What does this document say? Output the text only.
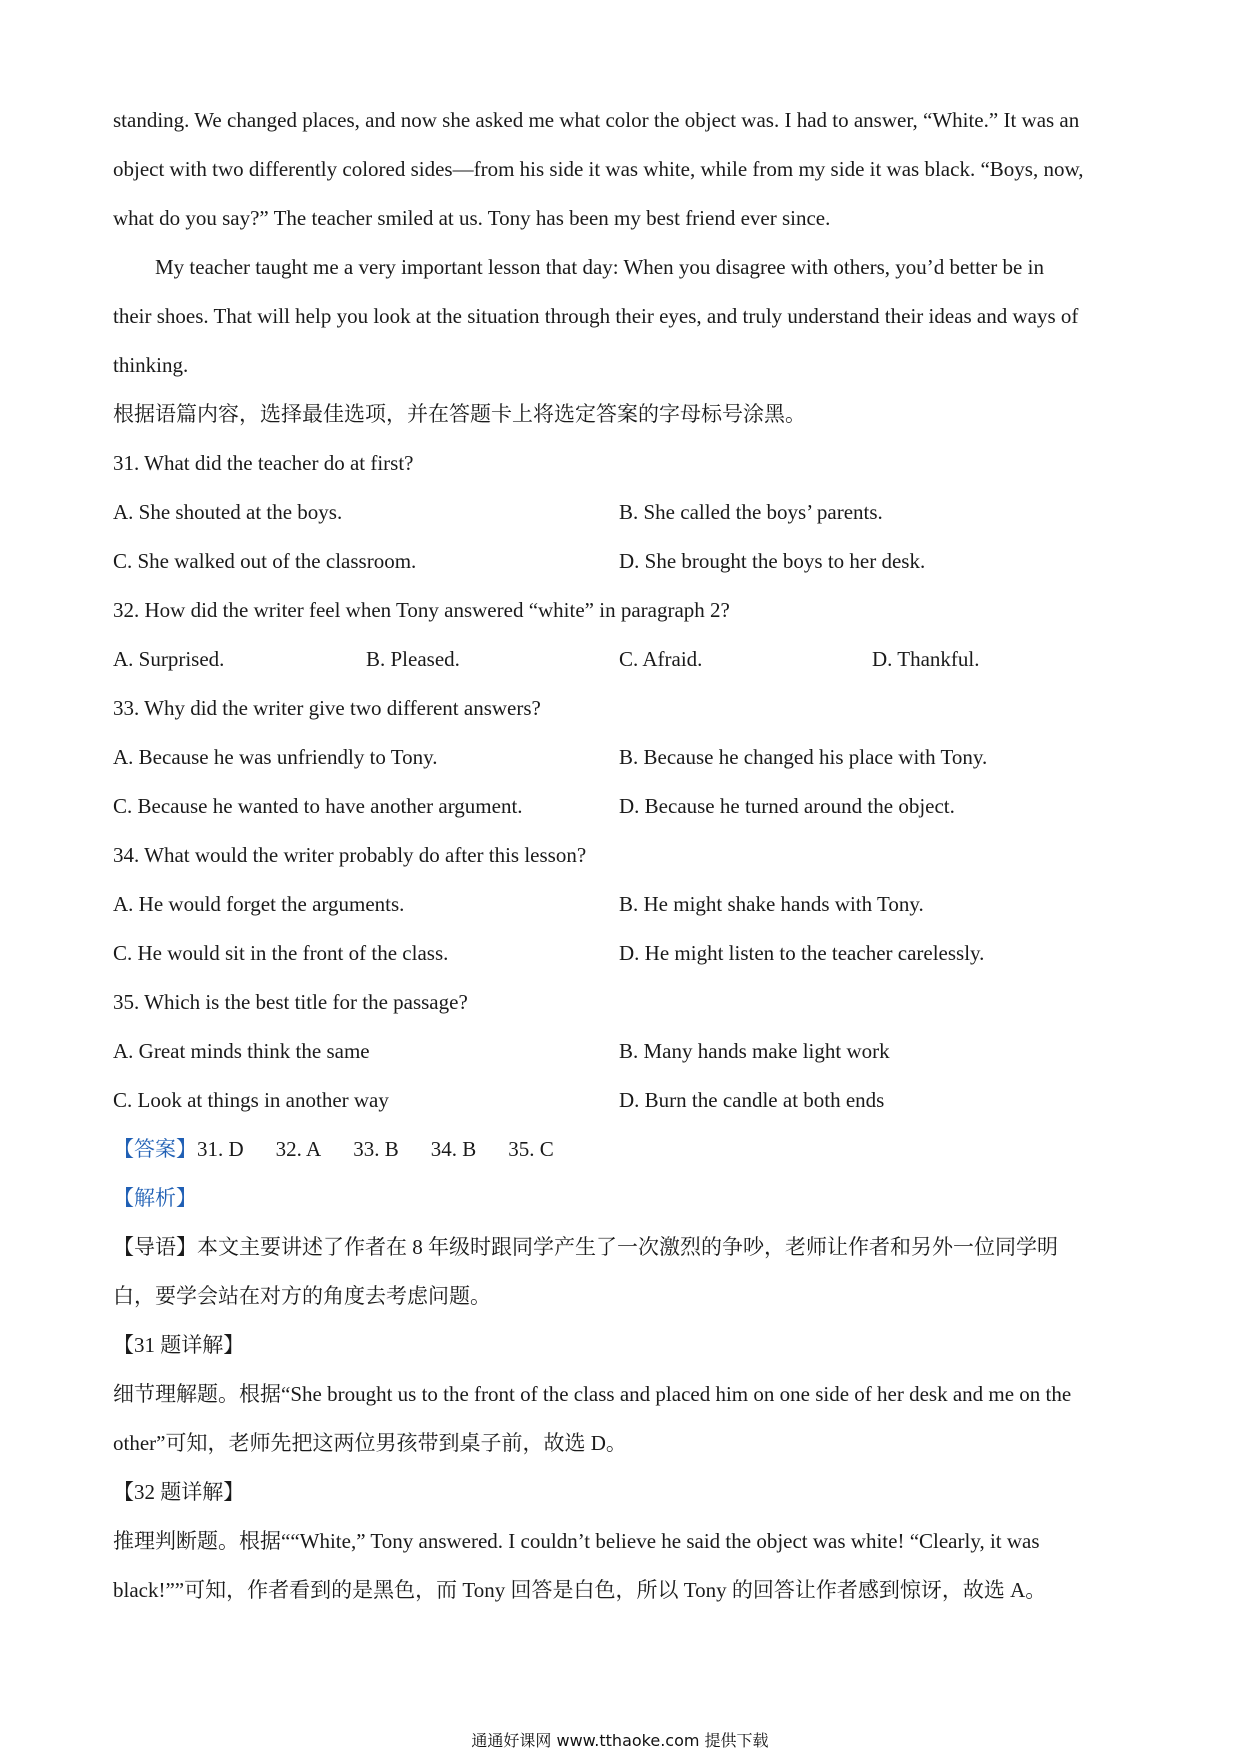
standing. We changed places, and now she asked me what color the object was. I had to answer, “White.” It was an
object with two differently colored sides—from his side it was white, while from my side it was black. “Boys, now,
what do you say?” The teacher smiled at us. Tony has been my best friend ever since.
My teacher taught me a very important lesson that day: When you disagree with others, you’d better be in
their shoes. That will help you look at the situation through their eyes, and truly understand their ideas and ways of
thinking.
根据语篇内容，选择最佳选项，并在答题卡上将选定答案的字母标号涂黑。
31. What did the teacher do at first?
A. She shouted at the boys.	B. She called the boys’ parents.
C. She walked out of the classroom.	D. She brought the boys to her desk.
32. How did the writer feel when Tony answered “white” in paragraph 2?
A. Surprised.	B. Pleased.	C. Afraid.	D. Thankful.
33. Why did the writer give two different answers?
A. Because he was unfriendly to Tony.	B. Because he changed his place with Tony.
C. Because he wanted to have another argument.	D. Because he turned around the object.
34. What would the writer probably do after this lesson?
A. He would forget the arguments.	B. He might shake hands with Tony.
C. He would sit in the front of the class.	D. He might listen to the teacher carelessly.
35. Which is the best title for the passage?
A. Great minds think the same	B. Many hands make light work
C. Look at things in another way	D. Burn the candle at both ends
【答案】31. D 32. A 33. B 34. B 35. C
【解析】
【导语】本文主要讲述了作者在 8 年级时跟同学产生了一次激烈的争吵，老师让作者和另外一位同学明
白，要学会站在对方的角度去考虑问题。
【31 题详解】
细节理解题。根据“She brought us to the front of the class and placed him on one side of her desk and me on the
other”可知，老师先把这两位男孩带到桌子前，故选 D。
【32 题详解】
推理判断题。根据““White,” Tony answered. I couldn’t believe he said the object was white! “Clearly, it was
black!””可知，作者看到的是黑色，而 Tony 回答是白色，所以 Tony 的回答让作者感到惊讶，故选 A。
通通好课网 www.tthaoke.com 提供下载
